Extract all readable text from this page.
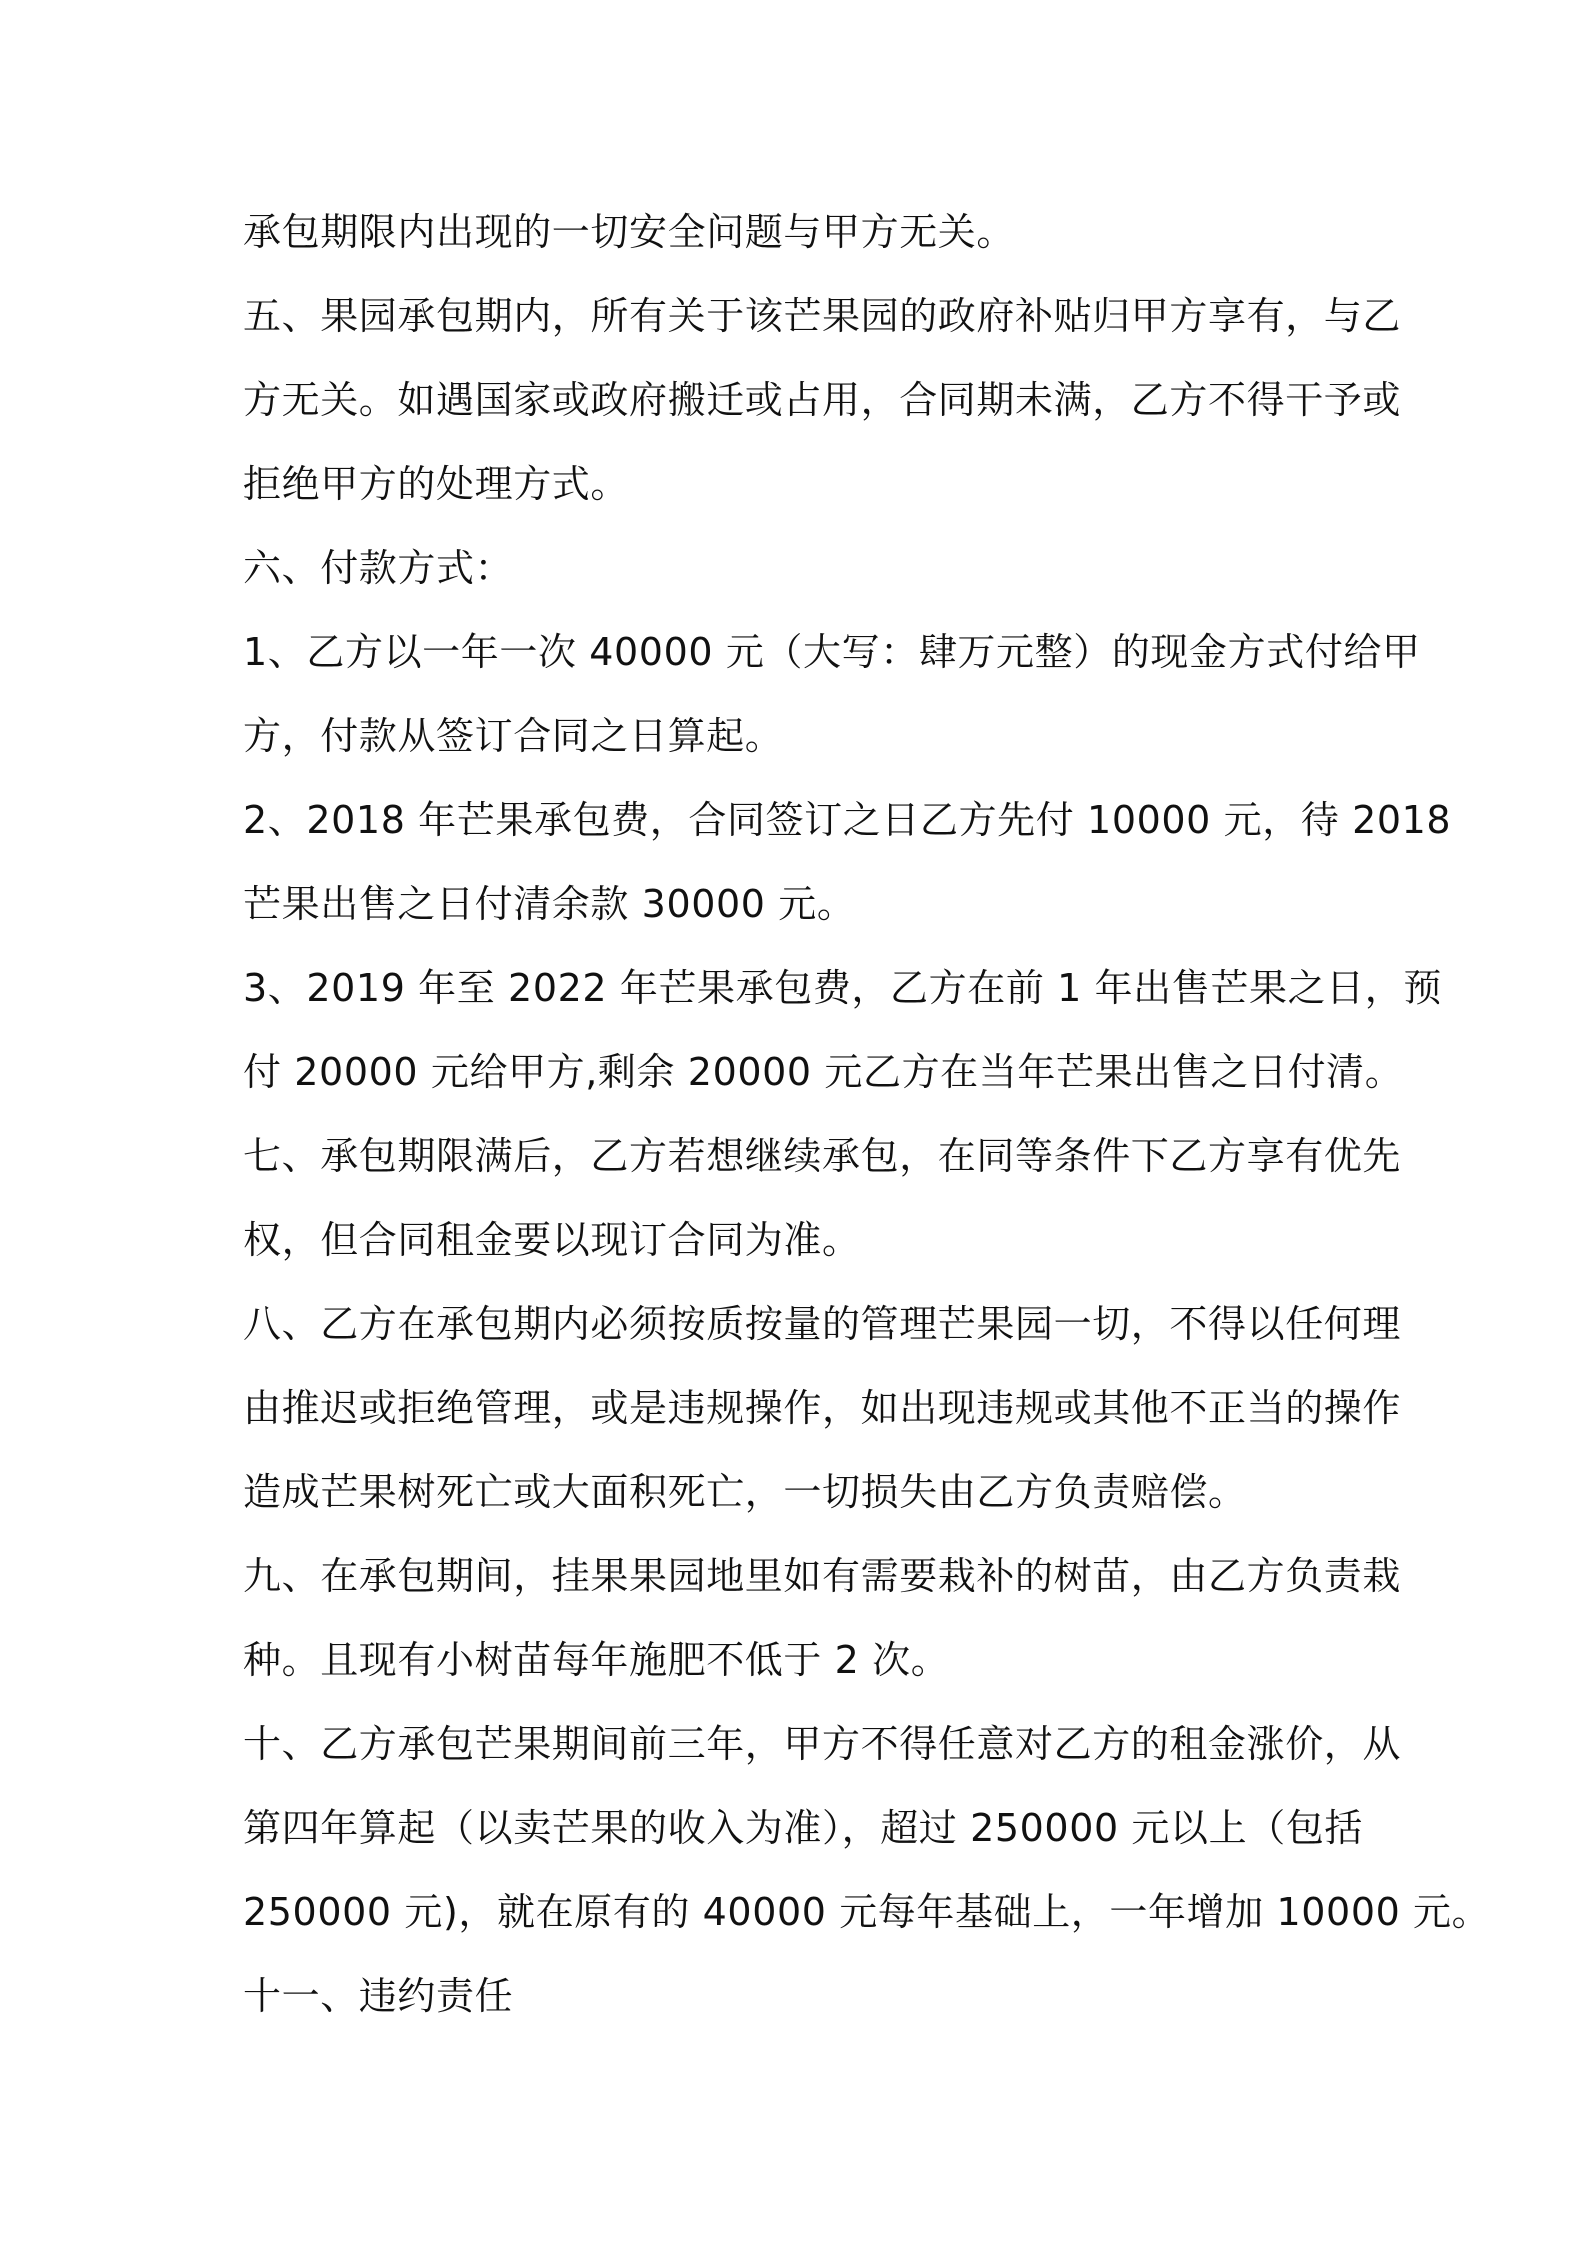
承包期限内出现的一切安全问题与甲方无关。
五、果园承包期内，所有关于该芒果园的政府补贴归甲方享有，与乙
方无关。如遇国家或政府搬迁或占用，合同期未满，乙方不得干予或
拒绝甲方的处理方式。
六、付款方式：
1、乙方以一年一次 40000 元（大写：肆万元整）的现金方式付给甲
方，付款从签订合同之日算起。
2、2018 年芒果承包费，合同签订之日乙方先付 10000 元，待 2018
芒果出售之日付清余款 30000 元。
3、2019 年至 2022 年芒果承包费，乙方在前 1 年出售芒果之日，预
付 20000 元给甲方,剩余 20000 元乙方在当年芒果出售之日付清。
七、承包期限满后，乙方若想继续承包，在同等条件下乙方享有优先
权，但合同租金要以现订合同为准。
八、乙方在承包期内必须按质按量的管理芒果园一切，不得以任何理
由推迟或拒绝管理，或是违规操作，如出现违规或其他不正当的操作
造成芒果树死亡或大面积死亡，一切损失由乙方负责赔偿。
九、在承包期间，挂果果园地里如有需要栽补的树苗，由乙方负责栽
种。且现有小树苗每年施肥不低于 2 次。
十、乙方承包芒果期间前三年，甲方不得任意对乙方的租金涨价，从
第四年算起（以卖芒果的收入为准），超过 250000 元以上（包括
250000 元)，就在原有的 40000 元每年基础上，一年增加 10000 元。
十一、违约责任
